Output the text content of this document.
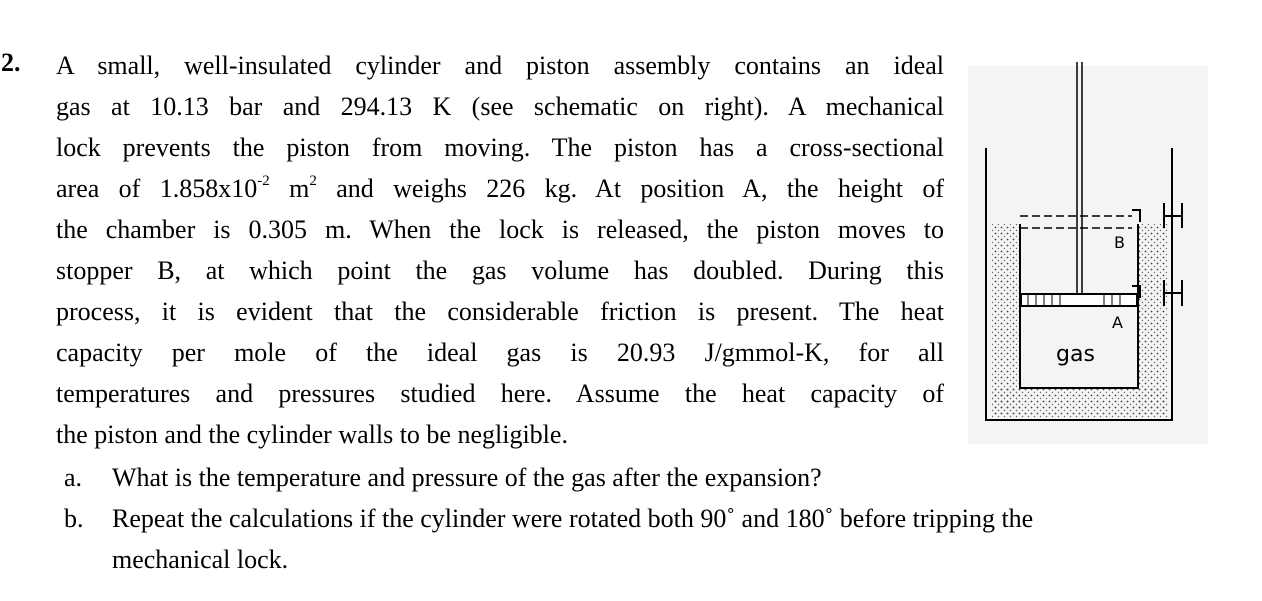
2. A small, well-insulated cylinder and piston assembly contains an ideal
gas at 10.13 bar and 294.13 K (see schematic on right). A mechanical
lock prevents the piston from moving. The piston has a cross-sectional
area of $1.858x10^{-2}$ $m^2$ and weighs 226 kg. At position A, the height of
the chamber is 0.305 m. When the lock is released, the piston moves to
stopper B, at which point the gas volume has doubled. During this
process, it is evident that the considerable friction is present. The heat
capacity per mole of the ideal gas is 20.93 J/gmmol-K, for all
temperatures and pressures studied here. Assume the heat capacity of
the piston and the cylinder walls to be negligible.
a. What is the temperature and pressure of the gas after the expansion?
b. Repeat the calculations if the cylinder were rotated both 90˚ and 180˚ before tripping the
mechanical lock.
B
A
gas
